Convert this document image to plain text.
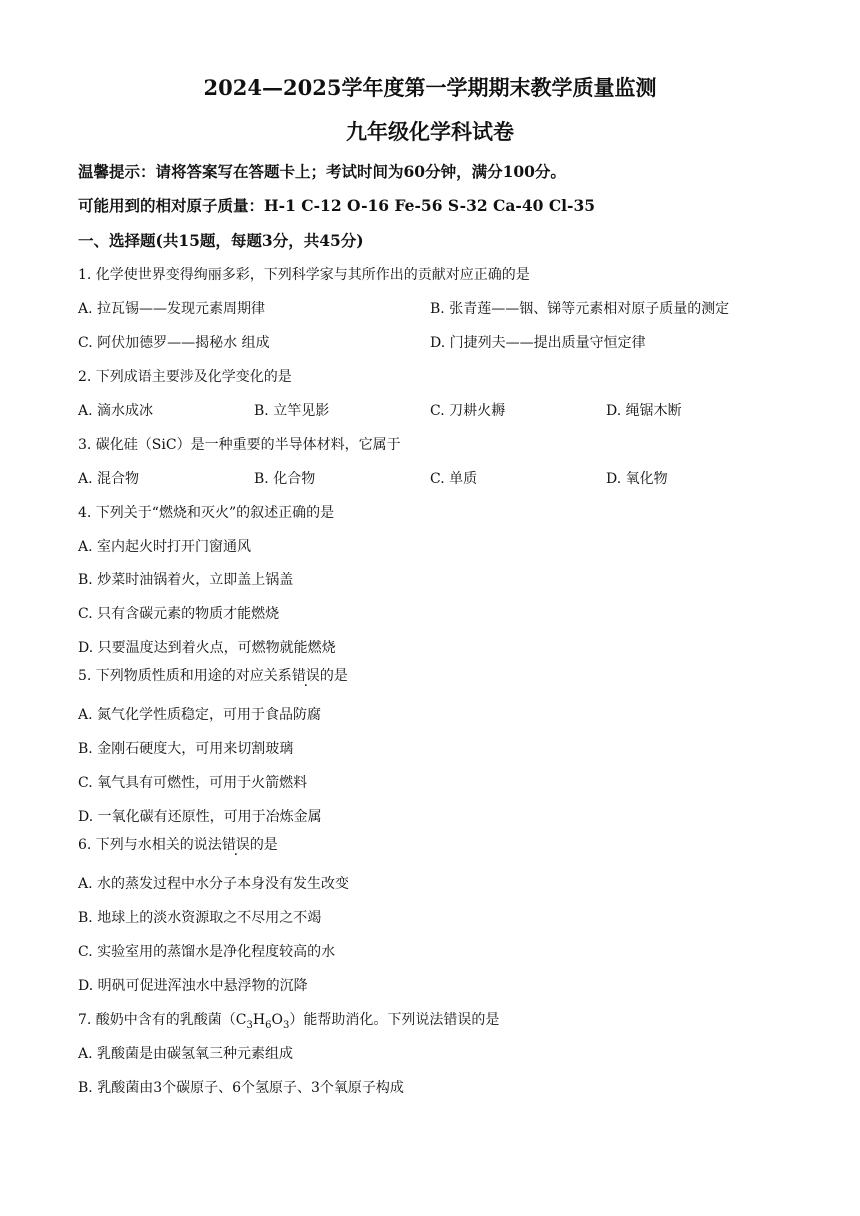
2024—2025学年度第一学期期末教学质量监测
九年级化学科试卷
温馨提示：请将答案写在答题卡上；考试时间为60分钟，满分100分。
可能用到的相对原子质量：H-1 C-12 O-16 Fe-56 S-32 Ca-40 Cl-35
一、选择题(共15题，每题3分，共45分)
1. 化学使世界变得绚丽多彩，下列科学家与其所作出的贡献对应正确的是
A. 拉瓦锡——发现元素周期律	B. 张青莲——铟、锑等元素相对原子质量的测定
C. 阿伏加德罗——揭秘水 组成	D. 门捷列夫——提出质量守恒定律
2. 下列成语主要涉及化学变化的是
A. 滴水成冰	B. 立竿见影	C. 刀耕火耨	D. 绳锯木断
3. 碳化硅（SiC）是一种重要的半导体材料，它属于
A. 混合物	B. 化合物	C. 单质	D. 氧化物
4. 下列关于“燃烧和灭火”的叙述正确的是
A. 室内起火时打开门窗通风
B. 炒菜时油锅着火，立即盖上锅盖
C. 只有含碳元素的物质才能燃烧
D. 只要温度达到着火点，可燃物就能燃烧
5. 下列物质性质和用途的对应关系错误的是
A. 氮气化学性质稳定，可用于食品防腐
B. 金刚石硬度大，可用来切割玻璃
C. 氧气具有可燃性，可用于火箭燃料
D. 一氧化碳有还原性，可用于冶炼金属
6. 下列与水相关的说法错误的是
A. 水的蒸发过程中水分子本身没有发生改变
B. 地球上的淡水资源取之不尽用之不竭
C. 实验室用的蒸馏水是净化程度较高的水
D. 明矾可促进浑浊水中悬浮物的沉降
7. 酸奶中含有的乳酸菌$(C_3H_6O_3)$能帮助消化。下列说法错误的是
A. 乳酸菌是由碳氢氧三种元素组成
B. 乳酸菌由3个碳原子、6个氢原子、3个氧原子构成
